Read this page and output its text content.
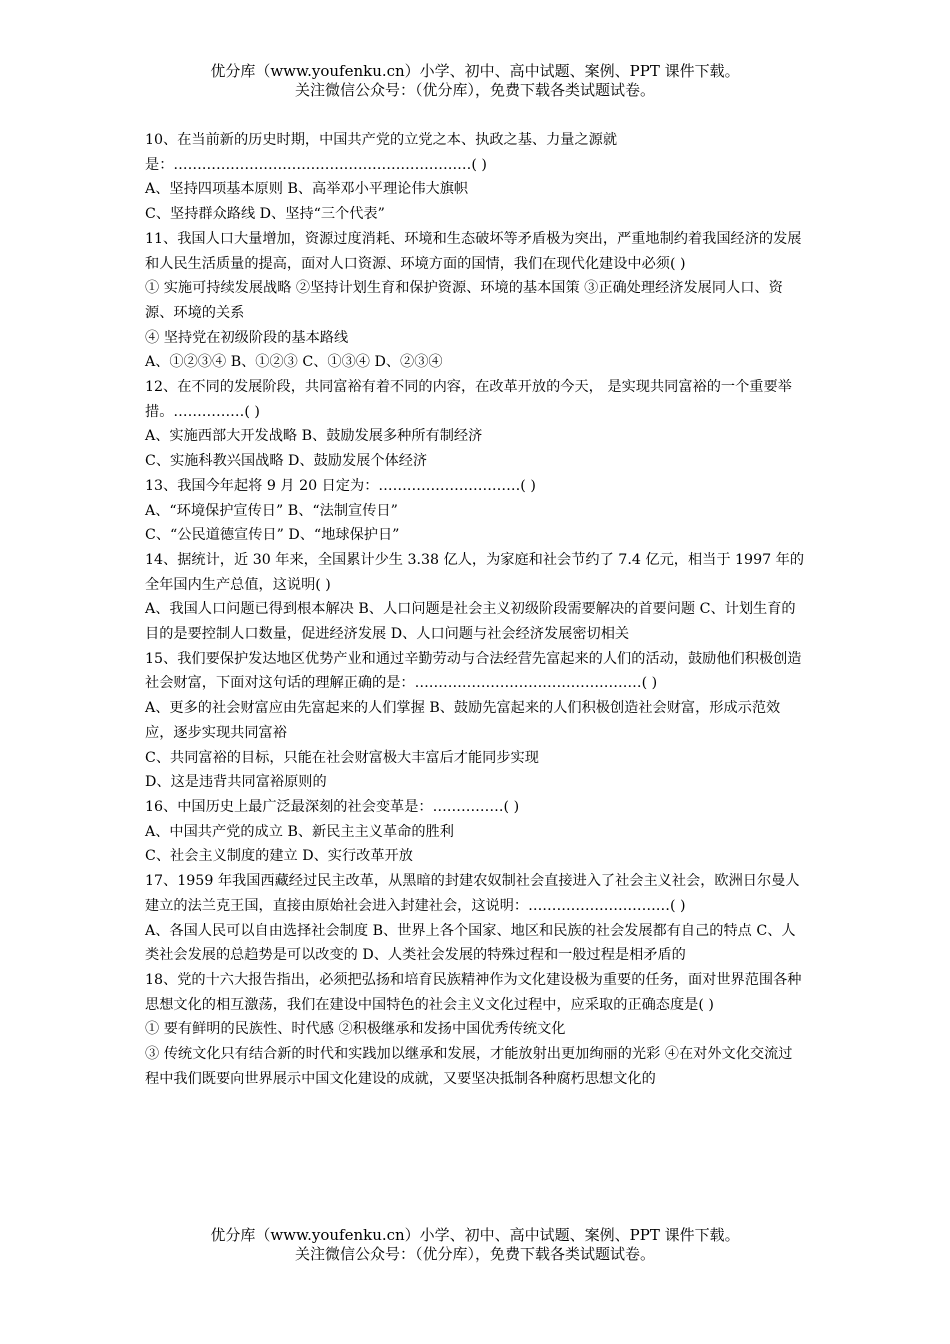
优分库（www.youfenku.cn）小学、初中、高中试题、案例、PPT 课件下载。
关注微信公众号：（优分库），免费下载各类试题试卷。

10、在当前新的历史时期，中国共产党的立党之本、执政之基、力量之源就是：………………………………………………………( )

A、坚持四项基本原则 B、高举邓小平理论伟大旗帜

C、坚持群众路线 D、坚持“三个代表”

11、我国人口大量增加，资源过度消耗、环境和生态破坏等矛盾极为突出，严重地制约着我国经济的发展和人民生活质量的提高，面对人口资源、环境方面的国情，我们在现代化建设中必须( )

① 实施可持续发展战略 ②坚持计划生育和保护资源、环境的基本国策 ③正确处理经济发展同人口、资源、环境的关系

④ 坚持党在初级阶段的基本路线

A、①②③④ B、①②③ C、①③④ D、②③④

12、在不同的发展阶段，共同富裕有着不同的内容，在改革开放的今天， 是实现共同富裕的一个重要举措。……………( )

A、实施西部大开发战略 B、鼓励发展多种所有制经济

C、实施科教兴国战略 D、鼓励发展个体经济

13、我国今年起将 9 月 20 日定为：…………………………( )

A、“环境保护宣传日” B、“法制宣传日”

C、“公民道德宣传日” D、“地球保护日”

14、据统计，近 30 年来，全国累计少生 3.38 亿人，为家庭和社会节约了 7.4 亿元，相当于 1997 年的全年国内生产总值，这说明( )

A、我国人口问题已得到根本解决 B、人口问题是社会主义初级阶段需要解决的首要问题 C、计划生育的目的是要控制人口数量，促进经济发展 D、人口问题与社会经济发展密切相关

15、我们要保护发达地区优势产业和通过辛勤劳动与合法经营先富起来的人们的活动，鼓励他们积极创造社会财富，下面对这句话的理解正确的是：…………………………………………( )

A、更多的社会财富应由先富起来的人们掌握 B、鼓励先富起来的人们积极创造社会财富，形成示范效应，逐步实现共同富裕

C、共同富裕的目标，只能在社会财富极大丰富后才能同步实现

D、这是违背共同富裕原则的

16、中国历史上最广泛最深刻的社会变革是：……………( )

A、中国共产党的成立 B、新民主主义革命的胜利

C、社会主义制度的建立 D、实行改革开放

17、1959 年我国西藏经过民主改革，从黑暗的封建农奴制社会直接进入了社会主义社会，欧洲日尔曼人建立的法兰克王国，直接由原始社会进入封建社会，这说明：…………………………( )

A、各国人民可以自由选择社会制度 B、世界上各个国家、地区和民族的社会发展都有自己的特点 C、人类社会发展的总趋势是可以改变的 D、人类社会发展的特殊过程和一般过程是相矛盾的

18、党的十六大报告指出，必须把弘扬和培育民族精神作为文化建设极为重要的任务，面对世界范围各种思想文化的相互激荡，我们在建设中国特色的社会主义文化过程中，应采取的正确态度是( )

① 要有鲜明的民族性、时代感 ②积极继承和发扬中国优秀传统文化

③ 传统文化只有结合新的时代和实践加以继承和发展，才能放射出更加绚丽的光彩 ④在对外文化交流过程中我们既要向世界展示中国文化建设的成就，又要坚决抵制各种腐朽思想文化的

优分库（www.youfenku.cn）小学、初中、高中试题、案例、PPT 课件下载。
关注微信公众号：（优分库），免费下载各类试题试卷。
